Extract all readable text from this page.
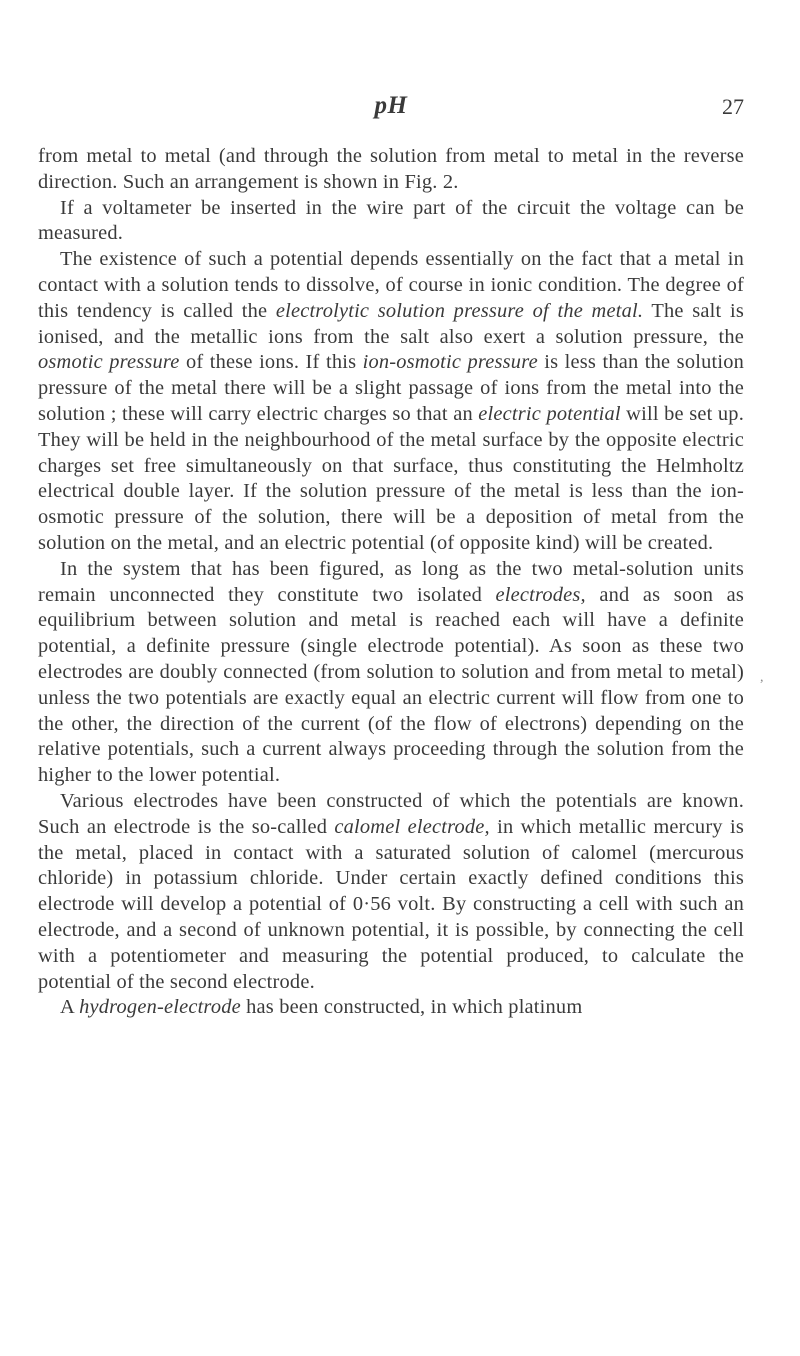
pH	27

from metal to metal (and through the solution from metal to metal in the reverse direction. Such an arrangement is shown in Fig. 2.

If a voltameter be inserted in the wire part of the circuit the voltage can be measured.

The existence of such a potential depends essentially on the fact that a metal in contact with a solution tends to dissolve, of course in ionic condition. The degree of this tendency is called the electrolytic solution pressure of the metal. The salt is ionised, and the metallic ions from the salt also exert a solution pressure, the osmotic pressure of these ions. If this ion-osmotic pressure is less than the solution pressure of the metal there will be a slight passage of ions from the metal into the solution ; these will carry electric charges so that an electric potential will be set up. They will be held in the neighbourhood of the metal surface by the opposite electric charges set free simultaneously on that surface, thus constituting the Helmholtz electrical double layer. If the solution pressure of the metal is less than the ion-osmotic pressure of the solution, there will be a deposition of metal from the solution on the metal, and an electric potential (of opposite kind) will be created.

In the system that has been figured, as long as the two metal-solution units remain unconnected they constitute two isolated electrodes, and as soon as equilibrium between solution and metal is reached each will have a definite potential, a definite pressure (single electrode potential). As soon as these two electrodes are doubly connected (from solution to solution and from metal to metal) unless the two potentials are exactly equal an electric current will flow from one to the other, the direction of the current (of the flow of electrons) depending on the relative potentials, such a current always proceeding through the solution from the higher to the lower potential.

Various electrodes have been constructed of which the potentials are known. Such an electrode is the so-called calomel electrode, in which metallic mercury is the metal, placed in contact with a saturated solution of calomel (mercurous chloride) in potassium chloride. Under certain exactly defined conditions this electrode will develop a potential of 0·56 volt. By constructing a cell with such an electrode, and a second of unknown potential, it is possible, by connecting the cell with a potentiometer and measuring the potential produced, to calculate the potential of the second electrode.

A hydrogen-electrode has been constructed, in which platinum

,
